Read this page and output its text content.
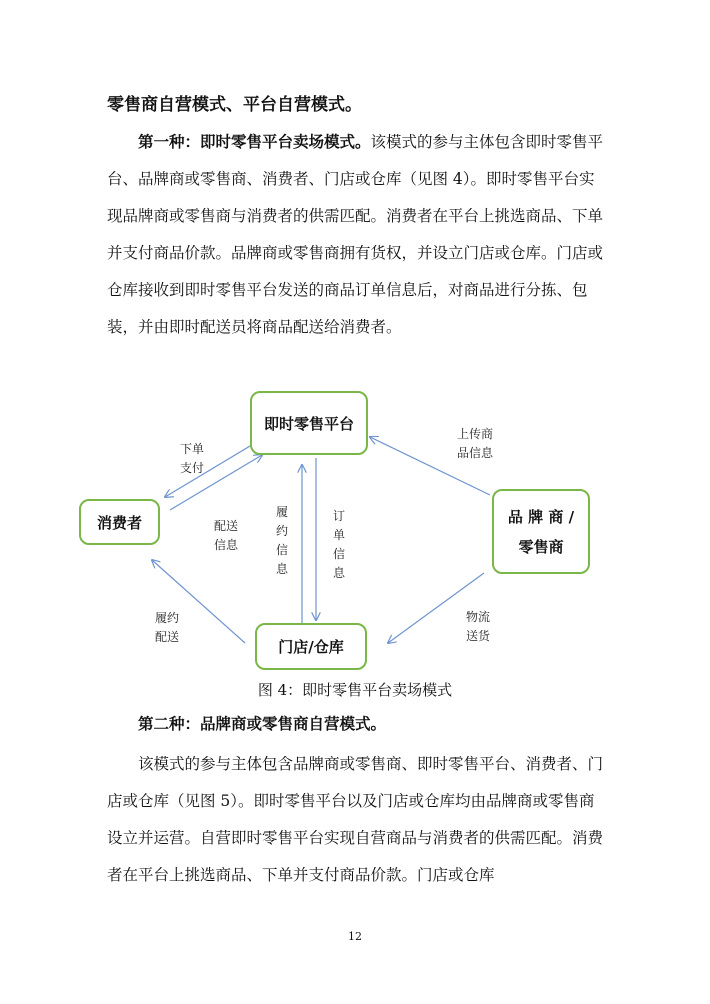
零售商自营模式、平台自营模式。
第一种：即时零售平台卖场模式。该模式的参与主体包含即时零售平台、品牌商或零售商、消费者、门店或仓库（见图 4）。即时零售平台实现品牌商或零售商与消费者的供需匹配。消费者在平台上挑选商品、下单并支付商品价款。品牌商或零售商拥有货权，并设立门店或仓库。门店或仓库接收到即时零售平台发送的商品订单信息后，对商品进行分拣、包装，并由即时配送员将商品配送给消费者。
即时零售平台
消费者	品 牌 商 /
零售商
门店/仓库
下单
支付
配送
信息
履
约
信
息
订
单
信
息
上传商
品信息
物流
送货
履约
配送
图 4：即时零售平台卖场模式
第二种：品牌商或零售商自营模式。
该模式的参与主体包含品牌商或零售商、即时零售平台、消费者、门店或仓库（见图 5）。即时零售平台以及门店或仓库均由品牌商或零售商设立并运营。自营即时零售平台实现自营商品与消费者的供需匹配。消费者在平台上挑选商品、下单并支付商品价款。门店或仓库
12
